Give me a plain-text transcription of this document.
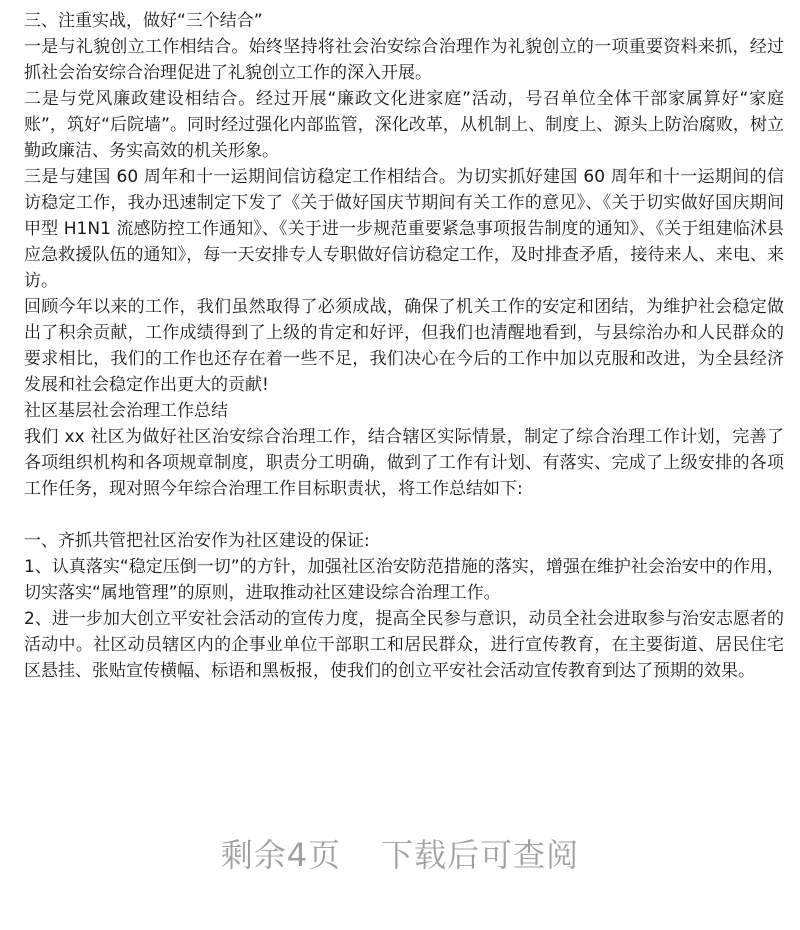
三、注重实战，做好“三个结合”

一是与礼貌创立工作相结合。始终坚持将社会治安综合治理作为礼貌创立的一项重要资料来抓，经过抓社会治安综合治理促进了礼貌创立工作的深入开展。

二是与党风廉政建设相结合。经过开展“廉政文化进家庭”活动，号召单位全体干部家属算好“家庭账”，筑好“后院墙”。同时经过强化内部监管，深化改革，从机制上、制度上、源头上防治腐败，树立勤政廉洁、务实高效的机关形象。

三是与建国 60 周年和十一运期间信访稳定工作相结合。为切实抓好建国 60 周年和十一运期间的信访稳定工作，我办迅速制定下发了《关于做好国庆节期间有关工作的意见》、《关于切实做好国庆期间甲型 H1N1 流感防控工作通知》、《关于进一步规范重要紧急事项报告制度的通知》、《关于组建临沭县应急救援队伍的通知》，每一天安排专人专职做好信访稳定工作，及时排查矛盾，接待来人、来电、来访。

回顾今年以来的工作，我们虽然取得了必须成战，确保了机关工作的安定和团结，为维护社会稳定做出了积余贡献，工作成绩得到了上级的肯定和好评，但我们也清醒地看到，与县综治办和人民群众的要求相比，我们的工作也还存在着一些不足，我们决心在今后的工作中加以克服和改进，为全县经济发展和社会稳定作出更大的贡献!

社区基层社会治理工作总结

我们 xx 社区为做好社区治安综合治理工作，结合辖区实际情景，制定了综合治理工作计划，完善了各项组织机构和各项规章制度，职责分工明确，做到了工作有计划、有落实、完成了上级安排的各项工作任务，现对照今年综合治理工作目标职责状，将工作总结如下:

一、齐抓共管把社区治安作为社区建设的保证:

1、认真落实“稳定压倒一切”的方针，加强社区治安防范措施的落实，增强在维护社会治安中的作用，切实落实“属地管理”的原则，进取推动社区建设综合治理工作。

2、进一步加大创立平安社会活动的宣传力度，提高全民参与意识，动员全社会进取参与治安志愿者的活动中。社区动员辖区内的企事业单位干部职工和居民群众，进行宣传教育，在主要街道、居民住宅区悬挂、张贴宣传横幅、标语和黑板报，使我们的创立平安社会活动宣传教育到达了预期的效果。

剩余4页 下载后可查阅
